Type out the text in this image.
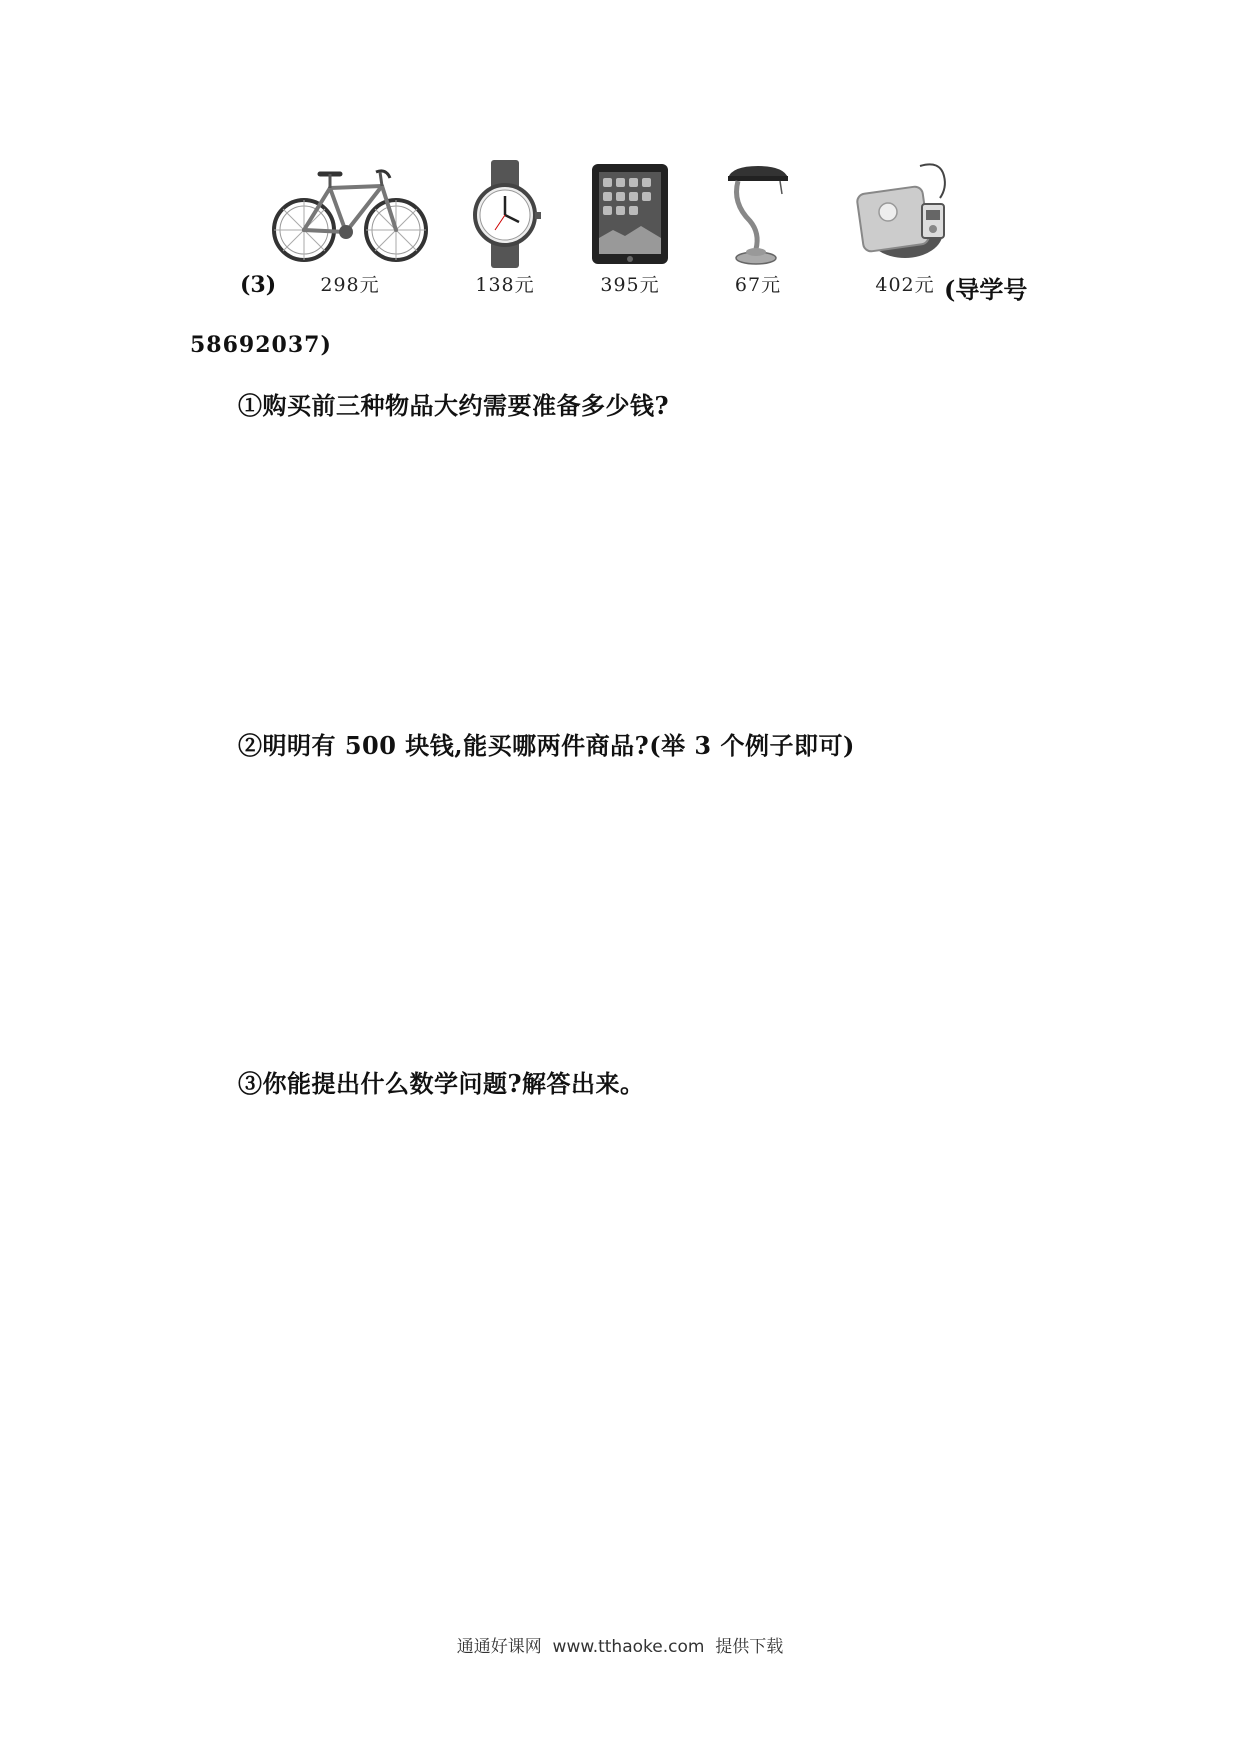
298元	138元	395元	67元	402元
(3)	(导学号
58692037)
①购买前三种物品大约需要准备多少钱?
②明明有 500 块钱,能买哪两件商品?(举 3 个例子即可)
③你能提出什么数学问题?解答出来。
通通好课网  www.tthaoke.com  提供下载
